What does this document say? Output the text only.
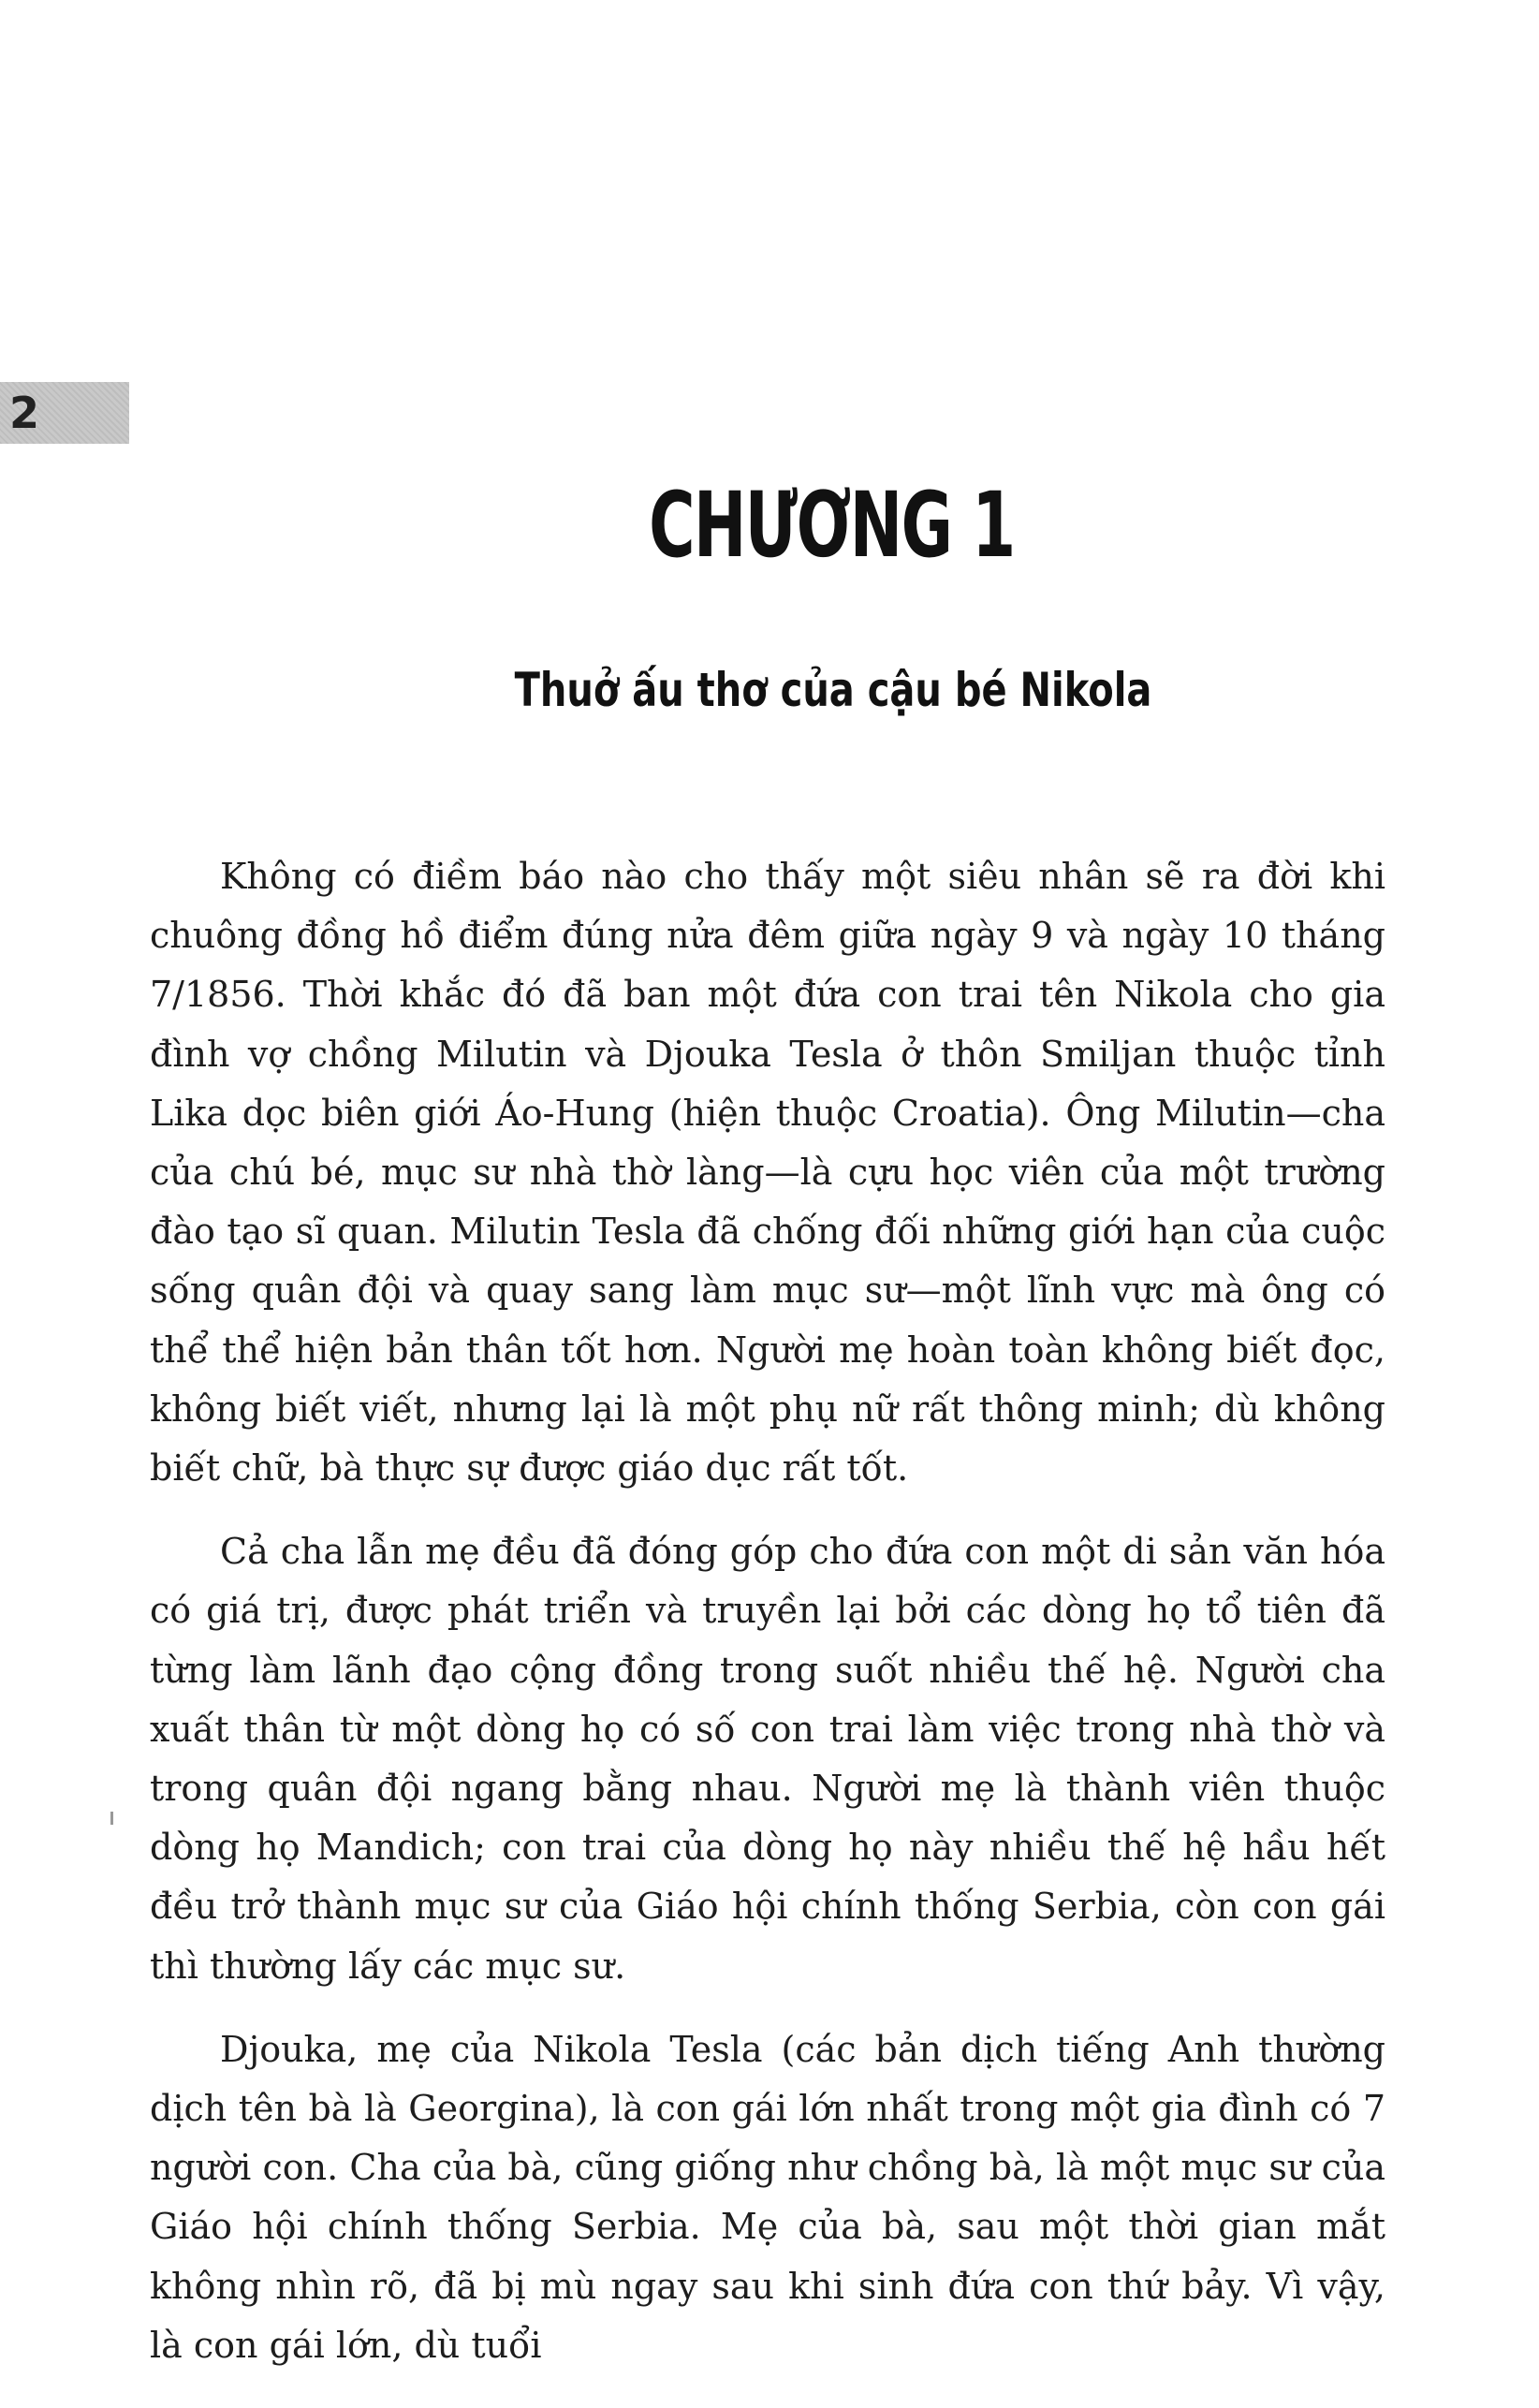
2
CHƯƠNG 1
Thuở ấu thơ của cậu bé Nikola

Không có điềm báo nào cho thấy một siêu nhân sẽ ra đời khi chuông đồng hồ điểm đúng nửa đêm giữa ngày 9 và ngày 10 tháng 7/1856. Thời khắc đó đã ban một đứa con trai tên Nikola cho gia đình vợ chồng Milutin và Djouka Tesla ở thôn Smiljan thuộc tỉnh Lika dọc biên giới Áo-Hung (hiện thuộc Croatia). Ông Milutin—cha của chú bé, mục sư nhà thờ làng—là cựu học viên của một trường đào tạo sĩ quan. Milutin Tesla đã chống đối những giới hạn của cuộc sống quân đội và quay sang làm mục sư—một lĩnh vực mà ông có thể thể hiện bản thân tốt hơn. Người mẹ hoàn toàn không biết đọc, không biết viết, nhưng lại là một phụ nữ rất thông minh; dù không biết chữ, bà thực sự được giáo dục rất tốt.

Cả cha lẫn mẹ đều đã đóng góp cho đứa con một di sản văn hóa có giá trị, được phát triển và truyền lại bởi các dòng họ tổ tiên đã từng làm lãnh đạo cộng đồng trong suốt nhiều thế hệ. Người cha xuất thân từ một dòng họ có số con trai làm việc trong nhà thờ và trong quân đội ngang bằng nhau. Người mẹ là thành viên thuộc dòng họ Mandich; con trai của dòng họ này nhiều thế hệ hầu hết đều trở thành mục sư của Giáo hội chính thống Serbia, còn con gái thì thường lấy các mục sư.

Djouka, mẹ của Nikola Tesla (các bản dịch tiếng Anh thường dịch tên bà là Georgina), là con gái lớn nhất trong một gia đình có 7 người con. Cha của bà, cũng giống như chồng bà, là một mục sư của Giáo hội chính thống Serbia. Mẹ của bà, sau một thời gian mắt không nhìn rõ, đã bị mù ngay sau khi sinh đứa con thứ bảy. Vì vậy, là con gái lớn, dù tuổi
